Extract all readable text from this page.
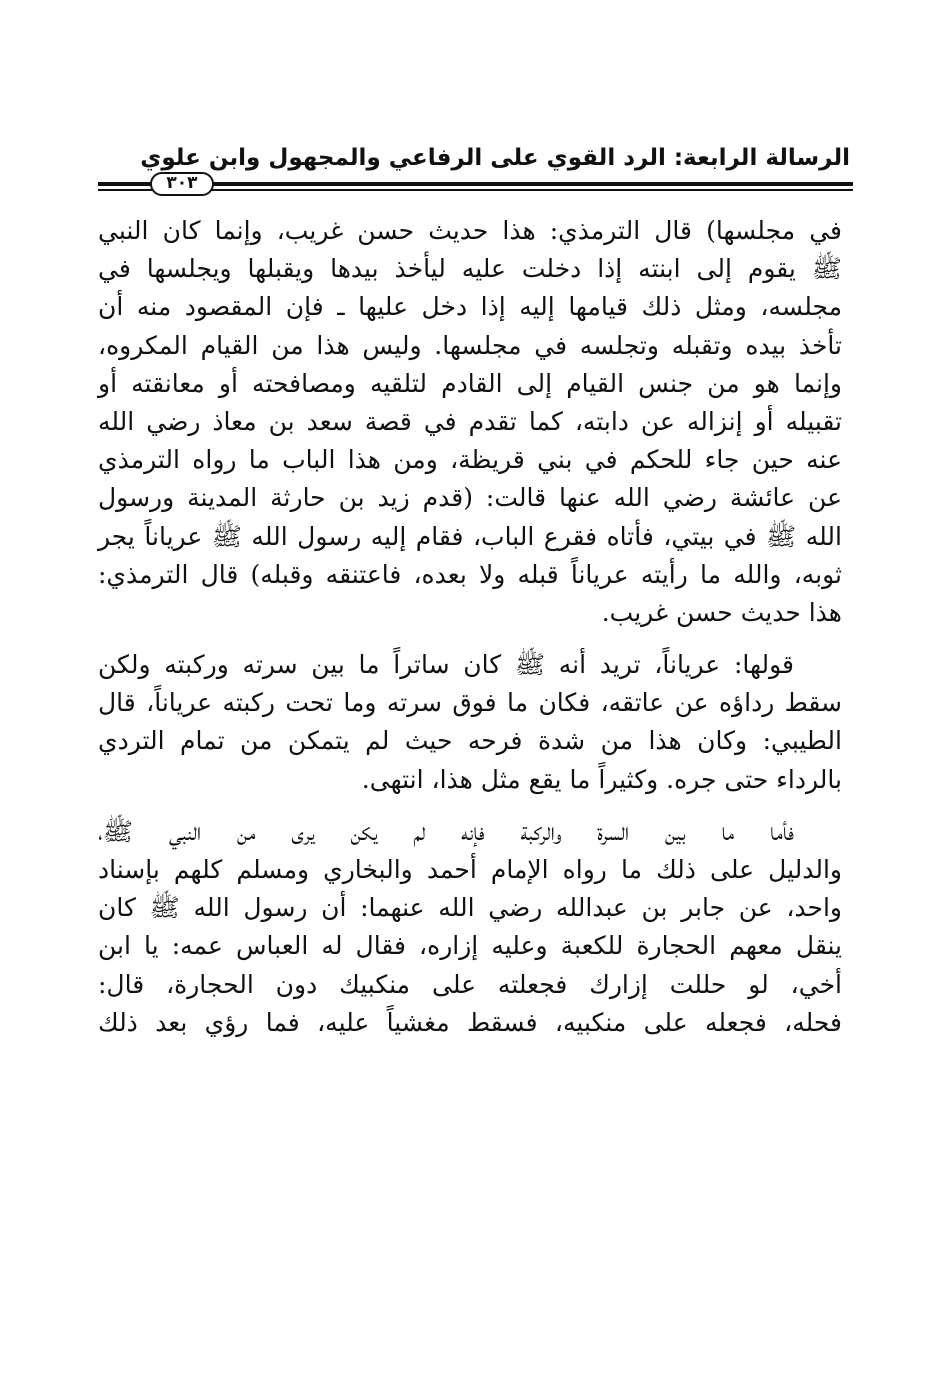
الرسالة الرابعة: الرد القوي على الرفاعي والمجهول وابن علوي
٣٠٣
في مجلسها) قال الترمذي: هذا حديث حسن غريب، وإنما كان النبي
ﷺ يقوم إلى ابنته إذا دخلت عليه ليأخذ بيدها ويقبلها ويجلسها في
مجلسه، ومثل ذلك قيامها إليه إذا دخل عليها ـ فإن المقصود منه أن
تأخذ بيده وتقبله وتجلسه في مجلسها. وليس هذا من القيام المكروه،
وإنما هو من جنس القيام إلى القادم لتلقيه ومصافحته أو معانقته أو
تقبيله أو إنزاله عن دابته، كما تقدم في قصة سعد بن معاذ رضي الله
عنه حين جاء للحكم في بني قريظة، ومن هذا الباب ما رواه الترمذي
عن عائشة رضي الله عنها قالت: (قدم زيد بن حارثة المدينة ورسول
الله ﷺ في بيتي، فأتاه فقرع الباب، فقام إليه رسول الله ﷺ عرياناً يجر
ثوبه، والله ما رأيته عرياناً قبله ولا بعده، فاعتنقه وقبله) قال الترمذي:
هذا حديث حسن غريب.
قولها: عرياناً، تريد أنه ﷺ كان ساتراً ما بين سرته وركبته ولكن
سقط رداؤه عن عاتقه، فكان ما فوق سرته وما تحت ركبته عرياناً، قال
الطيبي: وكان هذا من شدة فرحه حيث لم يتمكن من تمام التردي
بالرداء حتى جره. وكثيراً ما يقع مثل هذا، انتهى.
فأما ما بين السرة والركبة فإنه لم يكن يرى من النبي ﷺ،
والدليل على ذلك ما رواه الإمام أحمد والبخاري ومسلم كلهم بإسناد
واحد، عن جابر بن عبدالله رضي الله عنهما: أن رسول الله ﷺ كان
ينقل معهم الحجارة للكعبة وعليه إزاره، فقال له العباس عمه: يا ابن
أخي، لو حللت إزارك فجعلته على منكبيك دون الحجارة، قال:
فحله، فجعله على منكبيه، فسقط مغشياً عليه، فما رؤي بعد ذلك
